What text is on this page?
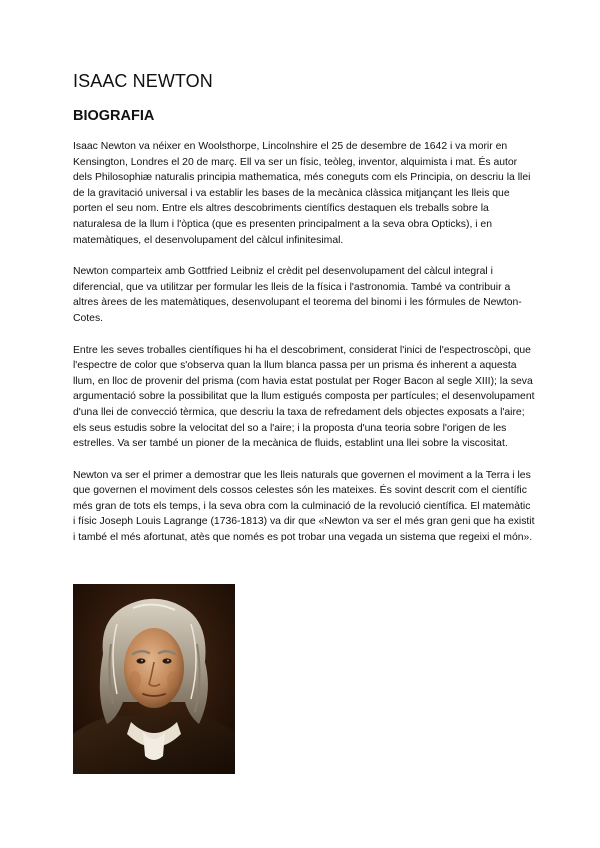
ISAAC NEWTON
BIOGRAFIA

Isaac Newton va néixer en Woolsthorpe, Lincolnshire el 25 de desembre de 1642 i va morir en Kensington, Londres el 20 de març. Ell va ser un físic, teòleg, inventor, alquimista i mat. És autor dels Philosophiæ naturalis principia mathematica, més coneguts com els Principia, on descriu la llei de la gravitació universal i va establir les bases de la mecànica clàssica mitjançant les lleis que porten el seu nom. Entre els altres descobriments científics destaquen els treballs sobre la naturalesa de la llum i l'òptica (que es presenten principalment a la seva obra Opticks), i en matemàtiques, el desenvolupament del càlcul infinitesimal.

Newton comparteix amb Gottfried Leibniz el crèdit pel desenvolupament del càlcul integral i diferencial, que va utilitzar per formular les lleis de la física i l'astronomia. També va contribuir a altres àrees de les matemàtiques, desenvolupant el teorema del binomi i les fórmules de Newton-Cotes.

Entre les seves troballes científiques hi ha el descobriment, considerat l'inici de l'espectroscòpi, que l'espectre de color que s'observa quan la llum blanca passa per un prisma és inherent a aquesta llum, en lloc de provenir del prisma (com havia estat postulat per Roger Bacon al segle XIII); la seva argumentació sobre la possibilitat que la llum estigués composta per partícules; el desenvolupament d'una llei de convecció tèrmica, que descriu la taxa de refredament dels objectes exposats a l'aire; els seus estudis sobre la velocitat del so a l'aire; i la proposta d'una teoria sobre l'origen de les estrelles. Va ser també un pioner de la mecànica de fluids, establint una llei sobre la viscositat.

Newton va ser el primer a demostrar que les lleis naturals que governen el moviment a la Terra i les que governen el moviment dels cossos celestes són les mateixes. És sovint descrit com el científic més gran de tots els temps, i la seva obra com la culminació de la revolució científica. El matemàtic i físic Joseph Louis Lagrange (1736-1813) va dir que «Newton va ser el més gran geni que ha existit i també el més afortunat, atès que només es pot trobar una vegada un sistema que regeixi el món».
